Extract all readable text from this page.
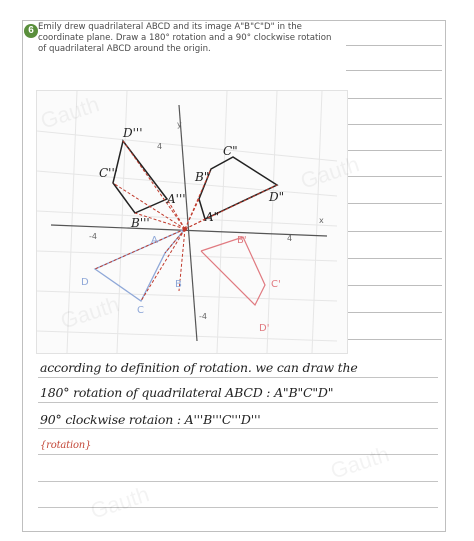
6 Emily drew quadrilateral ABCD and its image A"B"C"D" in the
coordinate plane. Draw a 180° rotation and a 90° clockwise rotation
of quadrilateral ABCD around the origin.
-4	4
x
4
y
-4
D'''
C'''
B'''
A'''
C"
B"
D"
A"
D
C
B
A	B'
C'
D'
according to definition of rotation. we can draw the
180° rotation of quadrilateral ABCD : A"B"C"D"
90° clockwise rotaion : A'''B'''C'''D'''
{rotation}
